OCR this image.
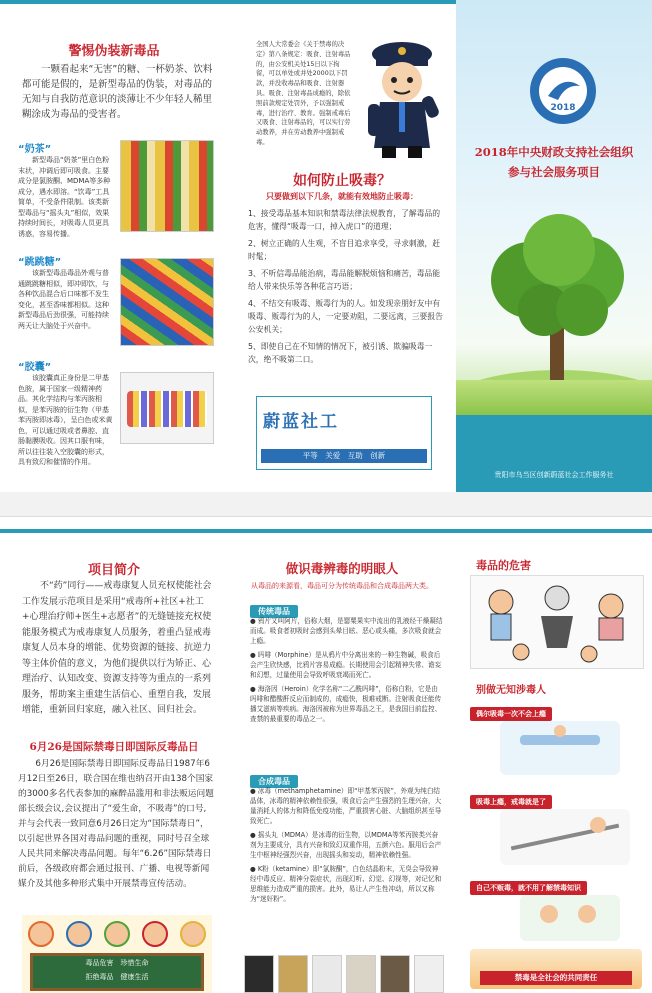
警惕伪装新毒品

一颗看起来“无害”的糖、一杯奶茶、饮料都可能是假的，是新型毒品的伪装，对毒品的无知与自我防范意识的淡薄让不少年轻人稀里糊涂成为毒品的受害者。

“奶茶”

新型毒品“奶茶”里白色粉末状，冲调后即可吸食。主要成分是氯胺酮、MDMA等多种成分，遇水即溶。“饮毒”工具简单，不受条件限制。该类新型毒品与“摇头丸”相似，效果持续时间长，对吸毒人员更具诱惑，容易传播。

“跳跳糖”

该新型毒品毒品外观与普通跳跳糖相似，即冲即饮，与各种饮品混合后口味都不发生变化，甚至香味都相似。这种新型毒品后劲很强，可能持续两天让大脑处于兴奋中。

“胶囊”

该胶囊真正身份是二甲基色胺，属于国家一级精神药品。其化学结构与苯丙胺相似，是苯丙胺的衍生物（甲基苯丙胺即冰毒），呈白色或米黄色，可以通过吸或者鼻腔、直肠黏膜吸收。因其口服有味，所以往往装入空胶囊的形式，具有致幻和催情的作用。

全国人大常委会《关于禁毒的决定》第八条规定：吸食、注射毒品的，由公安机关处15日以下拘留，可以单处或并处2000以下罚款，并没收毒品和吸食、注射器具。吸食、注射毒品成瘾的，除依照前款规定处罚外，予以强制戒毒，进行治疗、教育。强制戒毒后又吸食、注射毒品的，可以实行劳动教养，并在劳动教养中强制戒毒。

如何防止吸毒？
只要做到以下几条，就能有效地防止吸毒：

1、接受毒品基本知识和禁毒法律法规教育，了解毒品的危害，懂得“吸毒一口，掉入虎口”的道理；

2、树立正确的人生观，不盲目追求享受，寻求刺激，赶时髦；

3、不听信毒品能治病，毒品能解脱烦恼和痛苦，毒品能给人带来快乐等各种花言巧语；

4、不结交有吸毒、贩毒行为的人。如发现亲朋好友中有吸毒、贩毒行为的人，一定要劝阻，二要远离，三要报告公安机关；

5、即使自己在不知情的情况下，被引诱、欺骗吸毒一次，绝不吸第二口。

蔚蓝社工
平等　关爱　互助　创新
2018
2018年中央财政支持社会组织
参与社会服务项目
贵阳市乌当区创新蔚蓝社会工作服务社
项目简介

不“药”同行——戒毒康复人员充权使能社会工作发展示范项目是采用“戒毒所+社区+社工+心理治疗师+医生+志愿者”的无缝链接充权使能服务模式为戒毒康复人员服务，着重凸显戒毒康复人员本身的增能、优势资源的链接、抗逆力等主体价值的意义，为他们提供以行为矫正、心理治疗、认知改变、资源支持等为重点的一系列服务，帮助案主重建生活信心、重塑自我，发展增能，重新回归家庭，融入社区、回归社会。

6月26是国际禁毒日即国际反毒品日

6月26是国际禁毒日即国际反毒品日1987年6月12日至26日，联合国在维也纳召开由138个国家的3000多名代表参加的麻醉品滥用和非法贩运问题部长级会议,会议提出了“爱生命，不吸毒”的口号,并与会代表一致同意6月26日定为“国际禁毒日”，以引起世界各国对毒品问题的重视，同时号召全球人民共同来解决毒品问题。每年“6.26”国际禁毒日前后，各级政府都会通过报刊、广播、电视等新闻媒介及其他多种形式集中开展禁毒宣传活动。

毒品危害　珍惜生命
拒绝毒品　健康生活
做识毒辨毒的明眼人
从毒品的来源看，毒品可分为传统毒品和合成毒品两大类。
传统毒品

● 鸦片又叫阿片，俗称大烟，是罂粟果实中流出的乳液经干燥凝结而成。吸食者初吸时会感到头晕目眩、恶心或头痛，多次吸食就会上瘾。

● 吗啡（Morphine）是从鸦片中分离出来的一种生物碱，吸食后会产生欣快感，比鸦片容易成瘾。长期使用会引起精神失常、谵妄和幻想，过量使用会导致呼吸衰竭而死亡。

● 海洛因（Heroin）化学名称“二乙酰吗啡”，俗称白粉，它是由吗啡和醋酸酐反应而制成的，成瘾快，极难戒断。注射吸食还能传播艾滋病等疾病。海洛因被称为世界毒品之王，是我国目前监控、查禁的最重要的毒品之一。

合成毒品

● 冰毒（methamphetamine）即“甲基苯丙胺”，外观为纯白结晶体，冰毒的精神依赖性很强，吸食后会产生强烈的生理兴奋，大量消耗人的体力和降低免疫功能，严重损害心脏、大脑组织甚至导致死亡。

● 摇头丸（MDMA）是冰毒的衍生物，以MDMA等苯丙胺类兴奋剂为主要成分，具有兴奋和致幻双重作用，五颜六色。服用后会产生中枢神经强烈兴奋，出现摇头和妄动，精神依赖性强。

● K粉（ketamine）即“氯胺酮”，白色结晶粉末，无臭会导致神经中毒反应、精神分裂症状，出现幻听、幻觉、幻视等，对记忆和思维能力造成严重的损害。此外，易让人产生性冲动，所以又称为“迷奸粉”。

毒品的危害
别做无知涉毒人
偶尔吸毒一次不会上瘾
吸毒上瘾，戒毒就是了
自己不贩毒，就不用了解禁毒知识
禁毒是全社会的共同责任
